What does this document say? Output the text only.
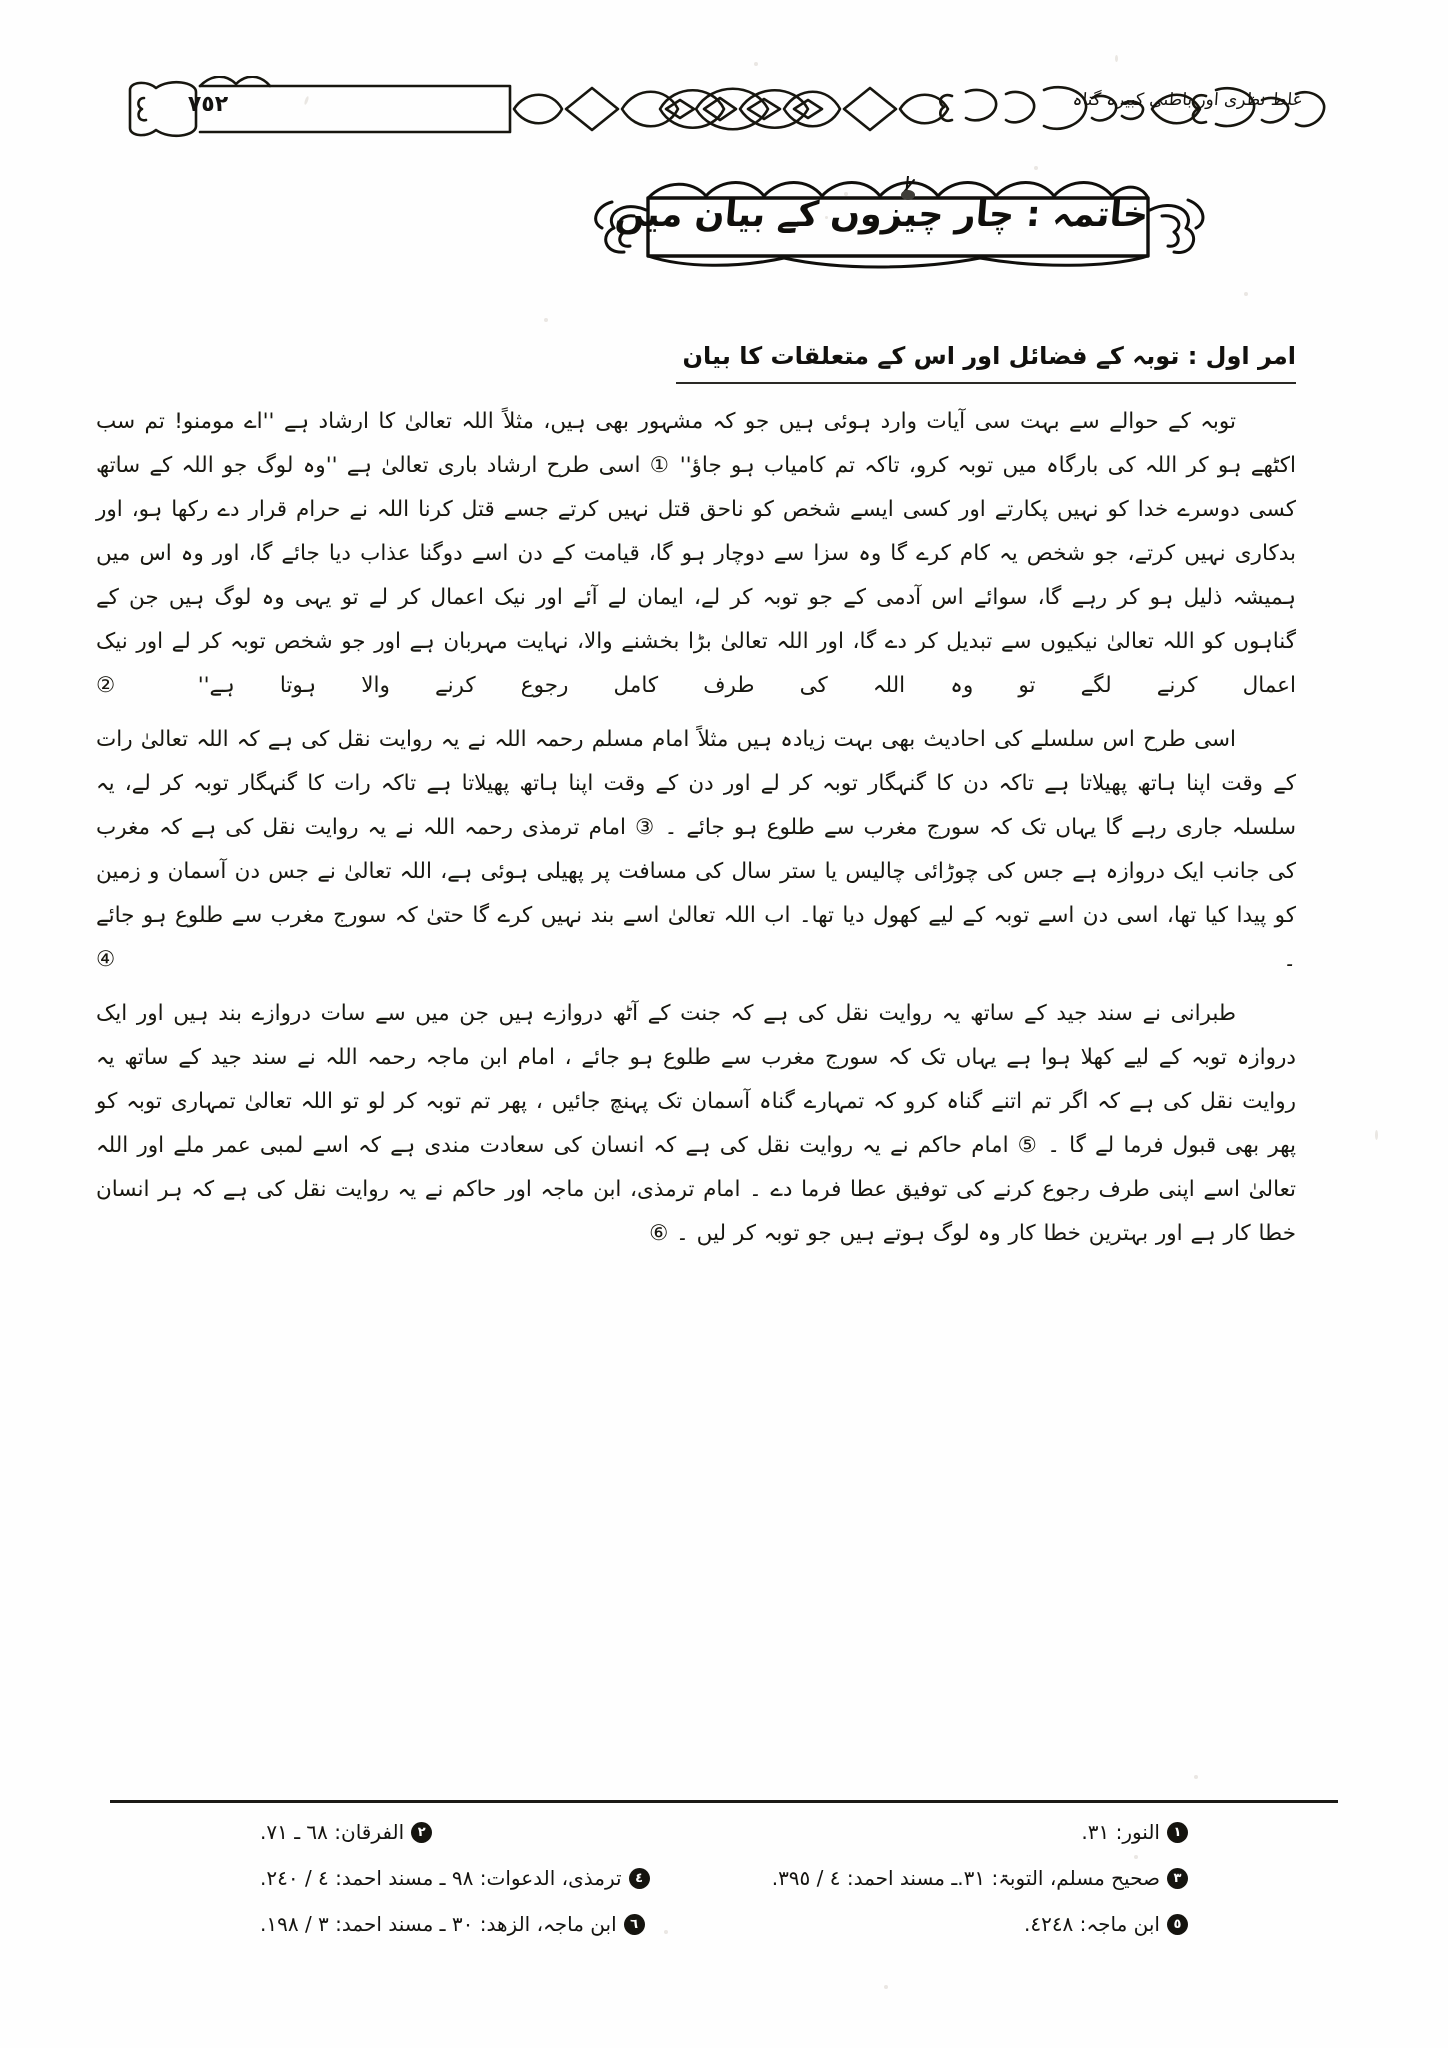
غلط نظری اور باطنی کبیرہ گناہ
٧٥٢
خاتمہ : چار چیزوں کے بیان میں
امر اول : توبہ کے فضائل اور اس کے متعلقات کا بیان

توبہ کے حوالے سے بہت سی آیات وارد ہوئی ہیں جو کہ مشہور بھی ہیں، مثلاً اللہ تعالیٰ کا ارشاد ہے ''اے مومنو! تم سب اکٹھے ہو کر اللہ کی بارگاہ میں توبہ کرو، تاکہ تم کامیاب ہو جاؤ'' ① اسی طرح ارشاد باری تعالیٰ ہے ''وہ لوگ جو اللہ کے ساتھ کسی دوسرے خدا کو نہیں پکارتے اور کسی ایسے شخص کو ناحق قتل نہیں کرتے جسے قتل کرنا اللہ نے حرام قرار دے رکھا ہو، اور بدکاری نہیں کرتے، جو شخص یہ کام کرے گا وہ سزا سے دوچار ہو گا، قیامت کے دن اسے دوگنا عذاب دیا جائے گا، اور وہ اس میں ہمیشہ ذلیل ہو کر رہے گا، سوائے اس آدمی کے جو توبہ کر لے، ایمان لے آئے اور نیک اعمال کر لے تو یہی وہ لوگ ہیں جن کے گناہوں کو اللہ تعالیٰ نیکیوں سے تبدیل کر دے گا، اور اللہ تعالیٰ بڑا بخشنے والا، نہایت مہربان ہے اور جو شخص توبہ کر لے اور نیک اعمال کرنے لگے تو وہ اللہ کی طرف کامل رجوع کرنے والا ہوتا ہے'' ②

اسی طرح اس سلسلے کی احادیث بھی بہت زیادہ ہیں مثلاً امام مسلم رحمہ اللہ نے یہ روایت نقل کی ہے کہ اللہ تعالیٰ رات کے وقت اپنا ہاتھ پھیلاتا ہے تاکہ دن کا گنہگار توبہ کر لے اور دن کے وقت اپنا ہاتھ پھیلاتا ہے تاکہ رات کا گنہگار توبہ کر لے، یہ سلسلہ جاری رہے گا یہاں تک کہ سورج مغرب سے طلوع ہو جائے ۔ ③ امام ترمذی رحمہ اللہ نے یہ روایت نقل کی ہے کہ مغرب کی جانب ایک دروازہ ہے جس کی چوڑائی چالیس یا ستر سال کی مسافت پر پھیلی ہوئی ہے، اللہ تعالیٰ نے جس دن آسمان و زمین کو پیدا کیا تھا، اسی دن اسے توبہ کے لیے کھول دیا تھا۔ اب اللہ تعالیٰ اسے بند نہیں کرے گا حتیٰ کہ سورج مغرب سے طلوع ہو جائے ۔ ④

طبرانی نے سند جید کے ساتھ یہ روایت نقل کی ہے کہ جنت کے آٹھ دروازے ہیں جن میں سے سات دروازے بند ہیں اور ایک دروازہ توبہ کے لیے کھلا ہوا ہے یہاں تک کہ سورج مغرب سے طلوع ہو جائے ، امام ابن ماجہ رحمہ اللہ نے سند جید کے ساتھ یہ روایت نقل کی ہے کہ اگر تم اتنے گناہ کرو کہ تمہارے گناہ آسمان تک پہنچ جائیں ، پھر تم توبہ کر لو تو اللہ تعالیٰ تمہاری توبہ کو پھر بھی قبول فرما لے گا ۔ ⑤ امام حاکم نے یہ روایت نقل کی ہے کہ انسان کی سعادت مندی ہے کہ اسے لمبی عمر ملے اور اللہ تعالیٰ اسے اپنی طرف رجوع کرنے کی توفیق عطا فرما دے ۔ امام ترمذی، ابن ماجہ اور حاکم نے یہ روایت نقل کی ہے کہ ہر انسان خطا کار ہے اور بہترین خطا کار وہ لوگ ہوتے ہیں جو توبہ کر لیں ۔ ⑥

١
النور: ٣١.
٢
الفرقان: ٦٨ ـ ٧١.
٣
صحیح مسلم، التوبۃ: ٣١.ـ مسند احمد: ٤ / ٣٩٥.
٤
ترمذی، الدعوات: ٩٨ ـ مسند احمد: ٤ / ٢٤٠.
٥
ابن ماجہ: ٤٢٤٨.
٦
ابن ماجہ، الزھد: ٣٠ ـ مسند احمد: ٣ / ١٩٨.
